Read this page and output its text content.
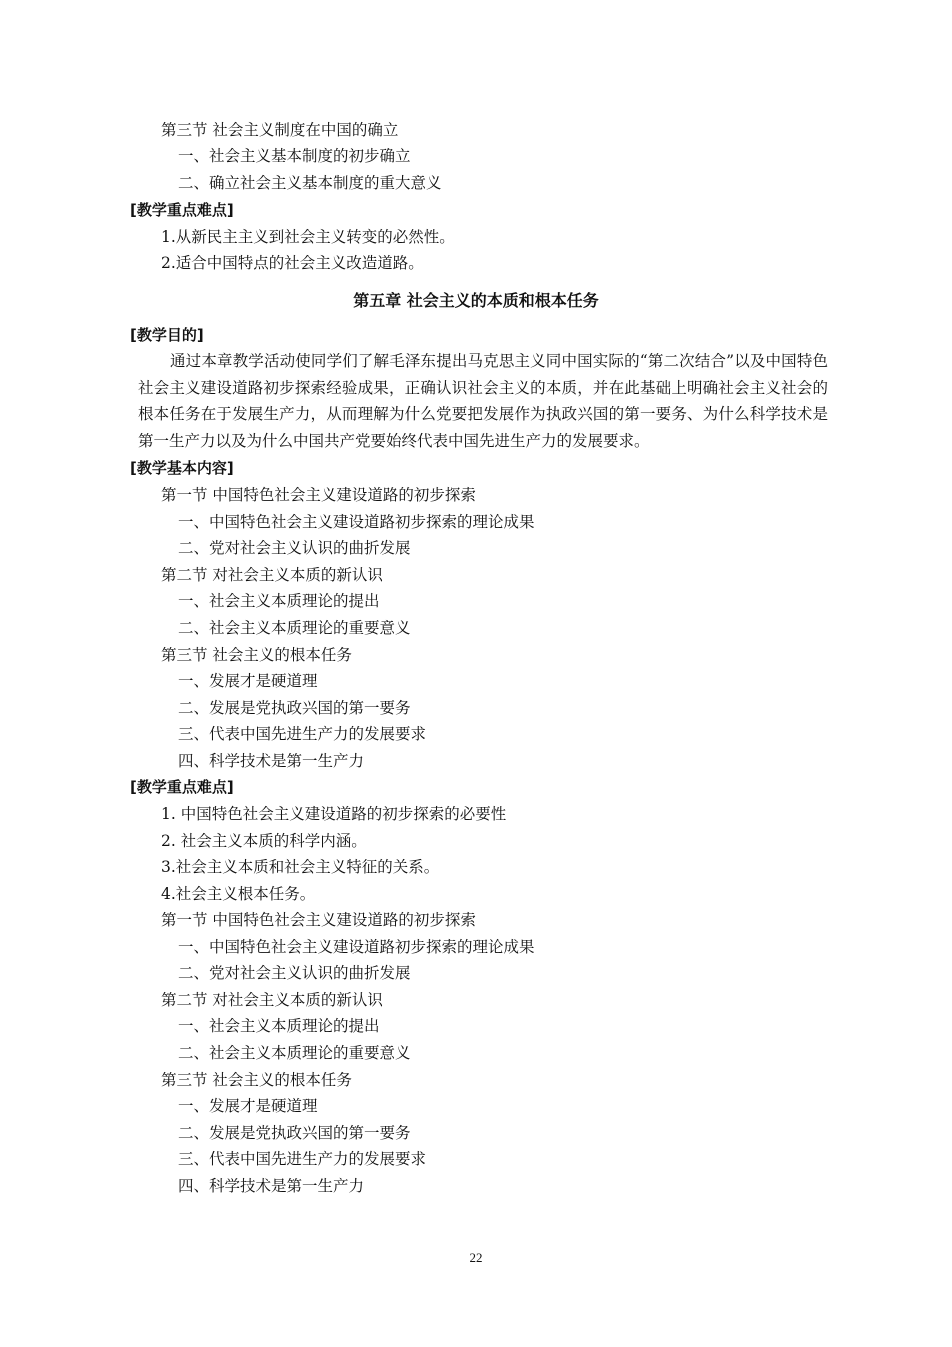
第三节 社会主义制度在中国的确立
一、社会主义基本制度的初步确立
二、确立社会主义基本制度的重大意义
[教学重点难点]
1.从新民主主义到社会主义转变的必然性。
2.适合中国特点的社会主义改造道路。
第五章 社会主义的本质和根本任务
[教学目的]
通过本章教学活动使同学们了解毛泽东提出马克思主义同中国实际的“第二次结合”以及中国特色社会主义建设道路初步探索经验成果，正确认识社会主义的本质，并在此基础上明确社会主义社会的根本任务在于发展生产力，从而理解为什么党要把发展作为执政兴国的第一要务、为什么科学技术是第一生产力以及为什么中国共产党要始终代表中国先进生产力的发展要求。
[教学基本内容]
第一节 中国特色社会主义建设道路的初步探索
一、中国特色社会主义建设道路初步探索的理论成果
二、党对社会主义认识的曲折发展
第二节 对社会主义本质的新认识
一、社会主义本质理论的提出
二、社会主义本质理论的重要意义
第三节 社会主义的根本任务
一、发展才是硬道理
二、发展是党执政兴国的第一要务
三、代表中国先进生产力的发展要求
四、科学技术是第一生产力
[教学重点难点]
1. 中国特色社会主义建设道路的初步探索的必要性
2. 社会主义本质的科学内涵。
3.社会主义本质和社会主义特征的关系。
4.社会主义根本任务。
第一节 中国特色社会主义建设道路的初步探索
一、中国特色社会主义建设道路初步探索的理论成果
二、党对社会主义认识的曲折发展
第二节 对社会主义本质的新认识
一、社会主义本质理论的提出
二、社会主义本质理论的重要意义
第三节 社会主义的根本任务
一、发展才是硬道理
二、发展是党执政兴国的第一要务
三、代表中国先进生产力的发展要求
四、科学技术是第一生产力
22
